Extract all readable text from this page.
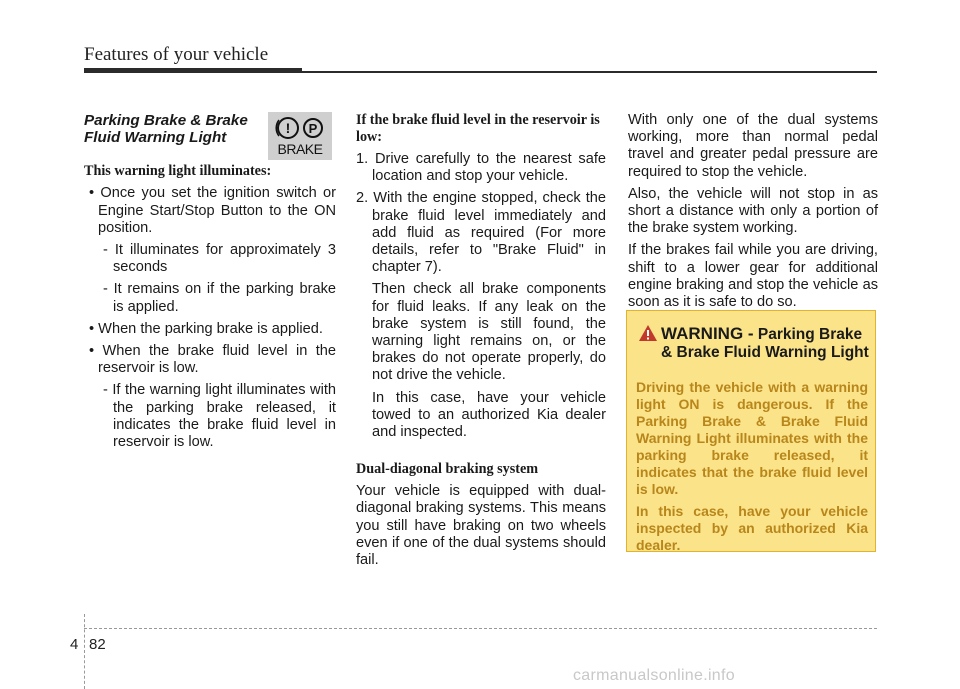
Features of your vehicle
! P
BRAKE
Parking Brake & Brake Fluid Warning Light

This warning light illuminates:

• Once you set the ignition switch or Engine Start/Stop Button to the ON position.

- It illuminates for approximately 3 seconds

- It remains on if the parking brake is applied.

• When the parking brake is applied.

• When the brake fluid level in the reservoir is low.

- If the warning light illuminates with the parking brake released, it indicates the brake fluid level in reservoir is low.

If the brake fluid level in the reservoir is low:

1. Drive carefully to the nearest safe location and stop your vehicle.

2. With the engine stopped, check the brake fluid level immediately and add fluid as required (For more details, refer to "Brake Fluid" in chapter 7).

Then check all brake components for fluid leaks. If any leak on the brake system is still found, the warning light remains on, or the brakes do not operate properly, do not drive the vehicle.

In this case, have your vehicle towed to an authorized Kia dealer and inspected.

Dual-diagonal braking system

Your vehicle is equipped with dual-diagonal braking systems. This means you still have braking on two wheels even if one of the dual systems should fail.

With only one of the dual systems working, more than normal pedal travel and greater pedal pressure are required to stop the vehicle.

Also, the vehicle will not stop in as short a distance with only a portion of the brake system working.

If the brakes fail while you are driving, shift to a lower gear for additional engine braking and stop the vehicle as soon as it is safe to do so.

WARNING - Parking Brake & Brake Fluid Warning Light

Driving the vehicle with a warning light ON is dangerous. If the Parking Brake & Brake Fluid Warning Light illuminates with the parking brake released, it indicates that the brake fluid level is low.

In this case, have your vehicle inspected by an authorized Kia dealer.

4 82
carmanualsonline.info
